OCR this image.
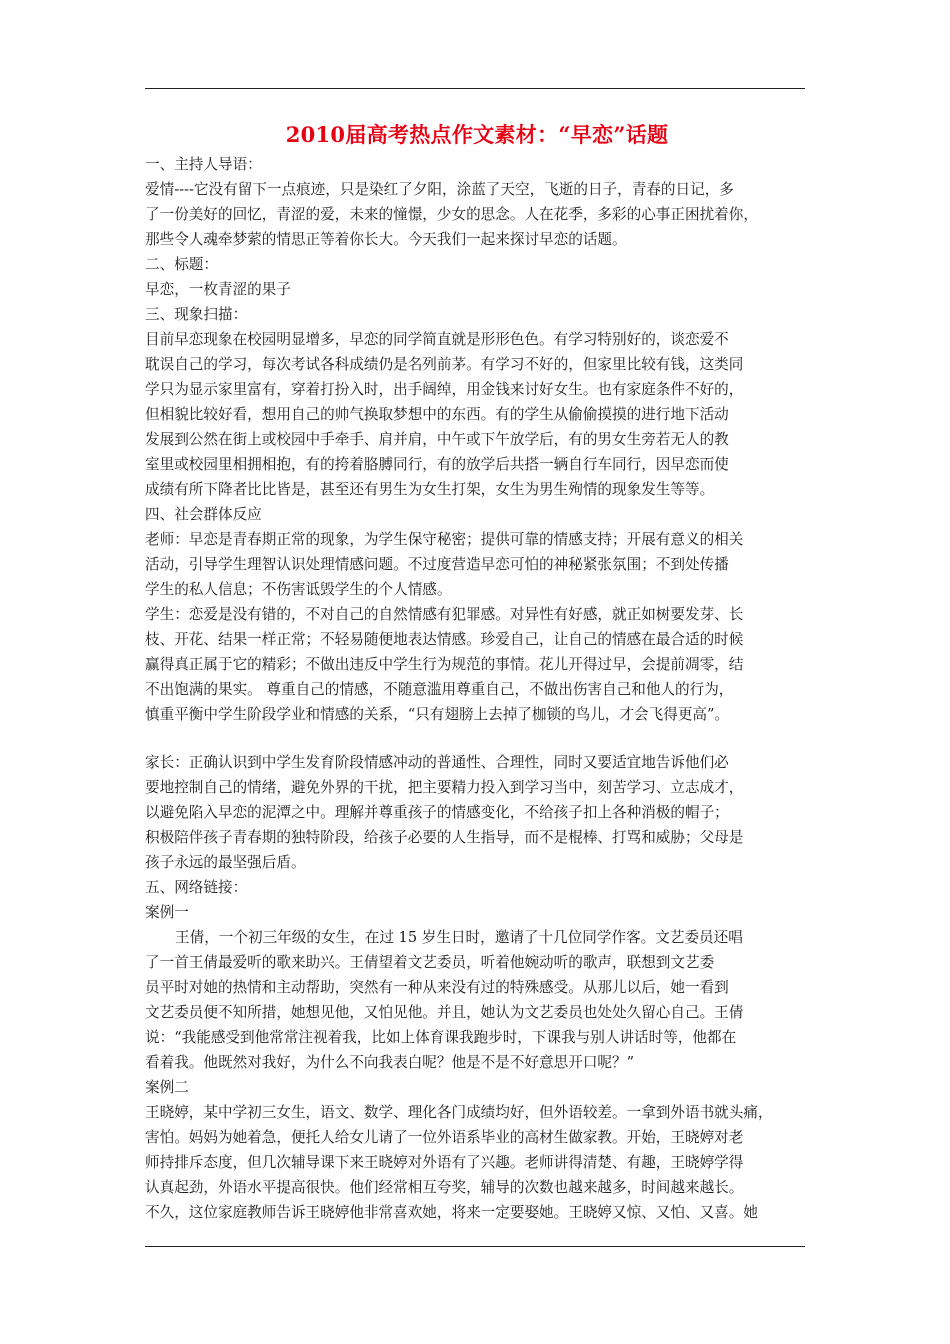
2010届高考热点作文素材：“早恋”话题

一、主持人导语：

爱情----它没有留下一点痕迹，只是染红了夕阳，涂蓝了天空，飞逝的日子，青春的日记，多
了一份美好的回忆，青涩的爱，未来的憧憬，少女的思念。人在花季，多彩的心事正困扰着你，
那些令人魂牵梦萦的情思正等着你长大。今天我们一起来探讨早恋的话题。

二、标题：

早恋，一枚青涩的果子

三、现象扫描：

目前早恋现象在校园明显增多，早恋的同学简直就是形形色色。有学习特别好的，谈恋爱不
耽误自己的学习，每次考试各科成绩仍是名列前茅。有学习不好的，但家里比较有钱，这类同
学只为显示家里富有，穿着打扮入时，出手阔绰，用金钱来讨好女生。也有家庭条件不好的，
但相貌比较好看，想用自己的帅气换取梦想中的东西。有的学生从偷偷摸摸的进行地下活动
发展到公然在街上或校园中手牵手、肩并肩，中午或下午放学后，有的男女生旁若无人的教
室里或校园里相拥相抱，有的挎着胳膊同行，有的放学后共搭一辆自行车同行，因早恋而使
成绩有所下降者比比皆是，甚至还有男生为女生打架，女生为男生殉情的现象发生等等。

四、社会群体反应

老师：早恋是青春期正常的现象，为学生保守秘密；提供可靠的情感支持；开展有意义的相关
活动，引导学生理智认识处理情感问题。不过度营造早恋可怕的神秘紧张氛围；不到处传播
学生的私人信息；不伤害诋毁学生的个人情感。

学生：恋爱是没有错的，不对自己的自然情感有犯罪感。对异性有好感，就正如树要发芽、长
枝、开花、结果一样正常；不轻易随便地表达情感。珍爱自己，让自己的情感在最合适的时候
赢得真正属于它的精彩；不做出违反中学生行为规范的事情。花儿开得过早，会提前凋零，结
不出饱满的果实。 尊重自己的情感，不随意滥用尊重自己，不做出伤害自己和他人的行为，
慎重平衡中学生阶段学业和情感的关系，“只有翅膀上去掉了枷锁的鸟儿，才会飞得更高”。

家长：正确认识到中学生发育阶段情感冲动的普通性、合理性，同时又要适宜地告诉他们必
要地控制自己的情绪，避免外界的干扰，把主要精力投入到学习当中，刻苦学习、立志成才，
以避免陷入早恋的泥潭之中。理解并尊重孩子的情感变化，不给孩子扣上各种消极的帽子；
积极陪伴孩子青春期的独特阶段，给孩子必要的人生指导，而不是棍棒、打骂和威胁；父母是
孩子永远的最坚强后盾。

五、网络链接：

案例一

王倩，一个初三年级的女生，在过 15 岁生日时，邀请了十几位同学作客。文艺委员还唱
了一首王倩最爱听的歌来助兴。王倩望着文艺委员，听着他婉动听的歌声，联想到文艺委
员平时对她的热情和主动帮助，突然有一种从来没有过的特殊感受。从那儿以后，她一看到
文艺委员便不知所措，她想见他，又怕见他。并且，她认为文艺委员也处处久留心自己。王倩
说：“我能感受到他常常注视着我，比如上体育课我跑步时，下课我与别人讲话时等，他都在
看着我。他既然对我好，为什么不向我表白呢？他是不是不好意思开口呢？”

案例二

王晓婷，某中学初三女生，语文、数学、理化各门成绩均好，但外语较差。一拿到外语书就头痛，
害怕。妈妈为她着急，便托人给女儿请了一位外语系毕业的高材生做家教。开始，王晓婷对老
师持排斥态度，但几次辅导课下来王晓婷对外语有了兴趣。老师讲得清楚、有趣，王晓婷学得
认真起劲，外语水平提高很快。他们经常相互夸奖，辅导的次数也越来越多，时间越来越长。
不久，这位家庭教师告诉王晓婷他非常喜欢她，将来一定要娶她。王晓婷又惊、又怕、又喜。她
